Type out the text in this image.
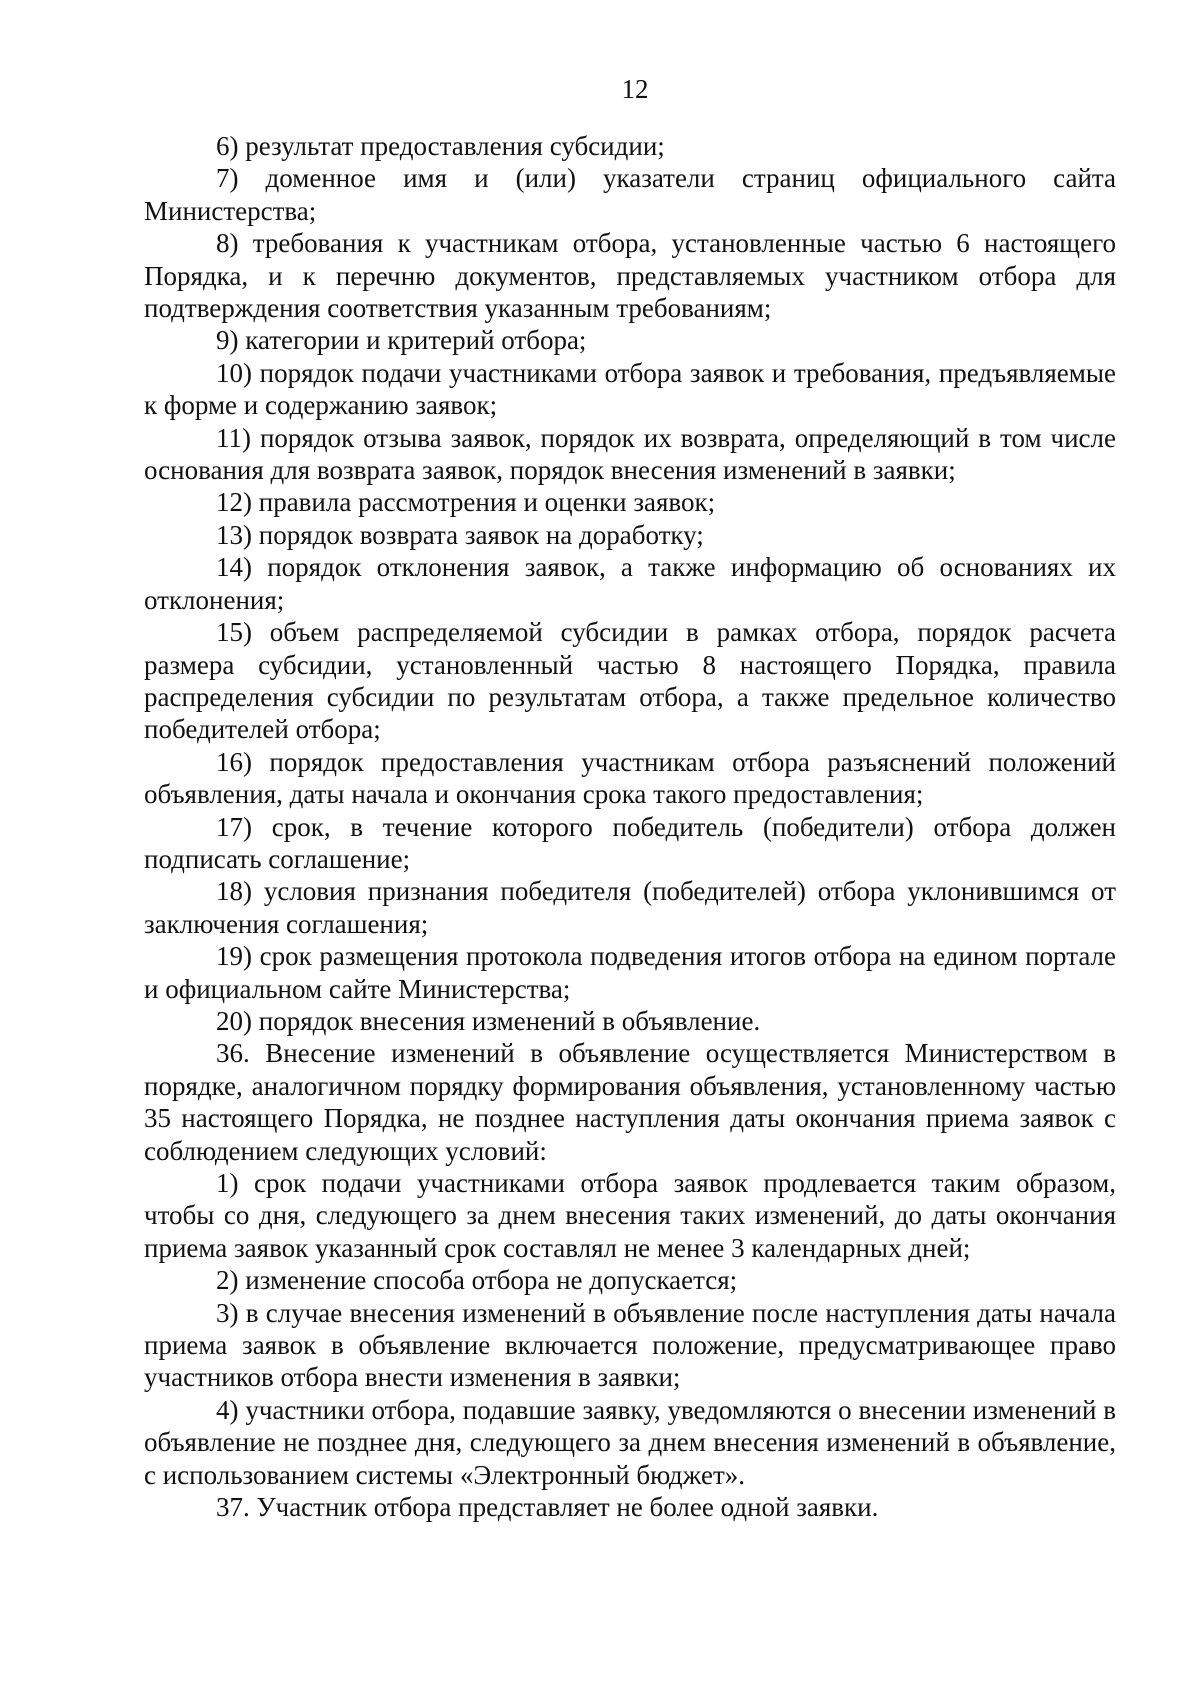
12

6) результат предоставления субсидии;

7) доменное имя и (или) указатели страниц официального сайта Министерства;

8) требования к участникам отбора, установленные частью 6 настоящего Порядка, и к перечню документов, представляемых участником отбора для подтверждения соответствия указанным требованиям;

9) категории и критерий отбора;

10) порядок подачи участниками отбора заявок и требования, предъявляемые к форме и содержанию заявок;

11) порядок отзыва заявок, порядок их возврата, определяющий в том числе основания для возврата заявок, порядок внесения изменений в заявки;

12) правила рассмотрения и оценки заявок;

13) порядок возврата заявок на доработку;

14) порядок отклонения заявок, а также информацию об основаниях их отклонения;

15) объем распределяемой субсидии в рамках отбора, порядок расчета размера субсидии, установленный частью 8 настоящего Порядка, правила распределения субсидии по результатам отбора, а также предельное количество победителей отбора;

16) порядок предоставления участникам отбора разъяснений положений объявления, даты начала и окончания срока такого предоставления;

17) срок, в течение которого победитель (победители) отбора должен подписать соглашение;

18) условия признания победителя (победителей) отбора уклонившимся от заключения соглашения;

19) срок размещения протокола подведения итогов отбора на едином портале и официальном сайте Министерства;

20) порядок внесения изменений в объявление.

36. Внесение изменений в объявление осуществляется Министерством в порядке, аналогичном порядку формирования объявления, установленному частью 35 настоящего Порядка, не позднее наступления даты окончания приема заявок с соблюдением следующих условий:

1) срок подачи участниками отбора заявок продлевается таким образом, чтобы со дня, следующего за днем внесения таких изменений, до даты окончания приема заявок указанный срок составлял не менее 3 календарных дней;

2) изменение способа отбора не допускается;

3) в случае внесения изменений в объявление после наступления даты начала приема заявок в объявление включается положение, предусматривающее право участников отбора внести изменения в заявки;

4) участники отбора, подавшие заявку, уведомляются о внесении изменений в объявление не позднее дня, следующего за днем внесения изменений в объявление, с использованием системы «Электронный бюджет».

37. Участник отбора представляет не более одной заявки.
